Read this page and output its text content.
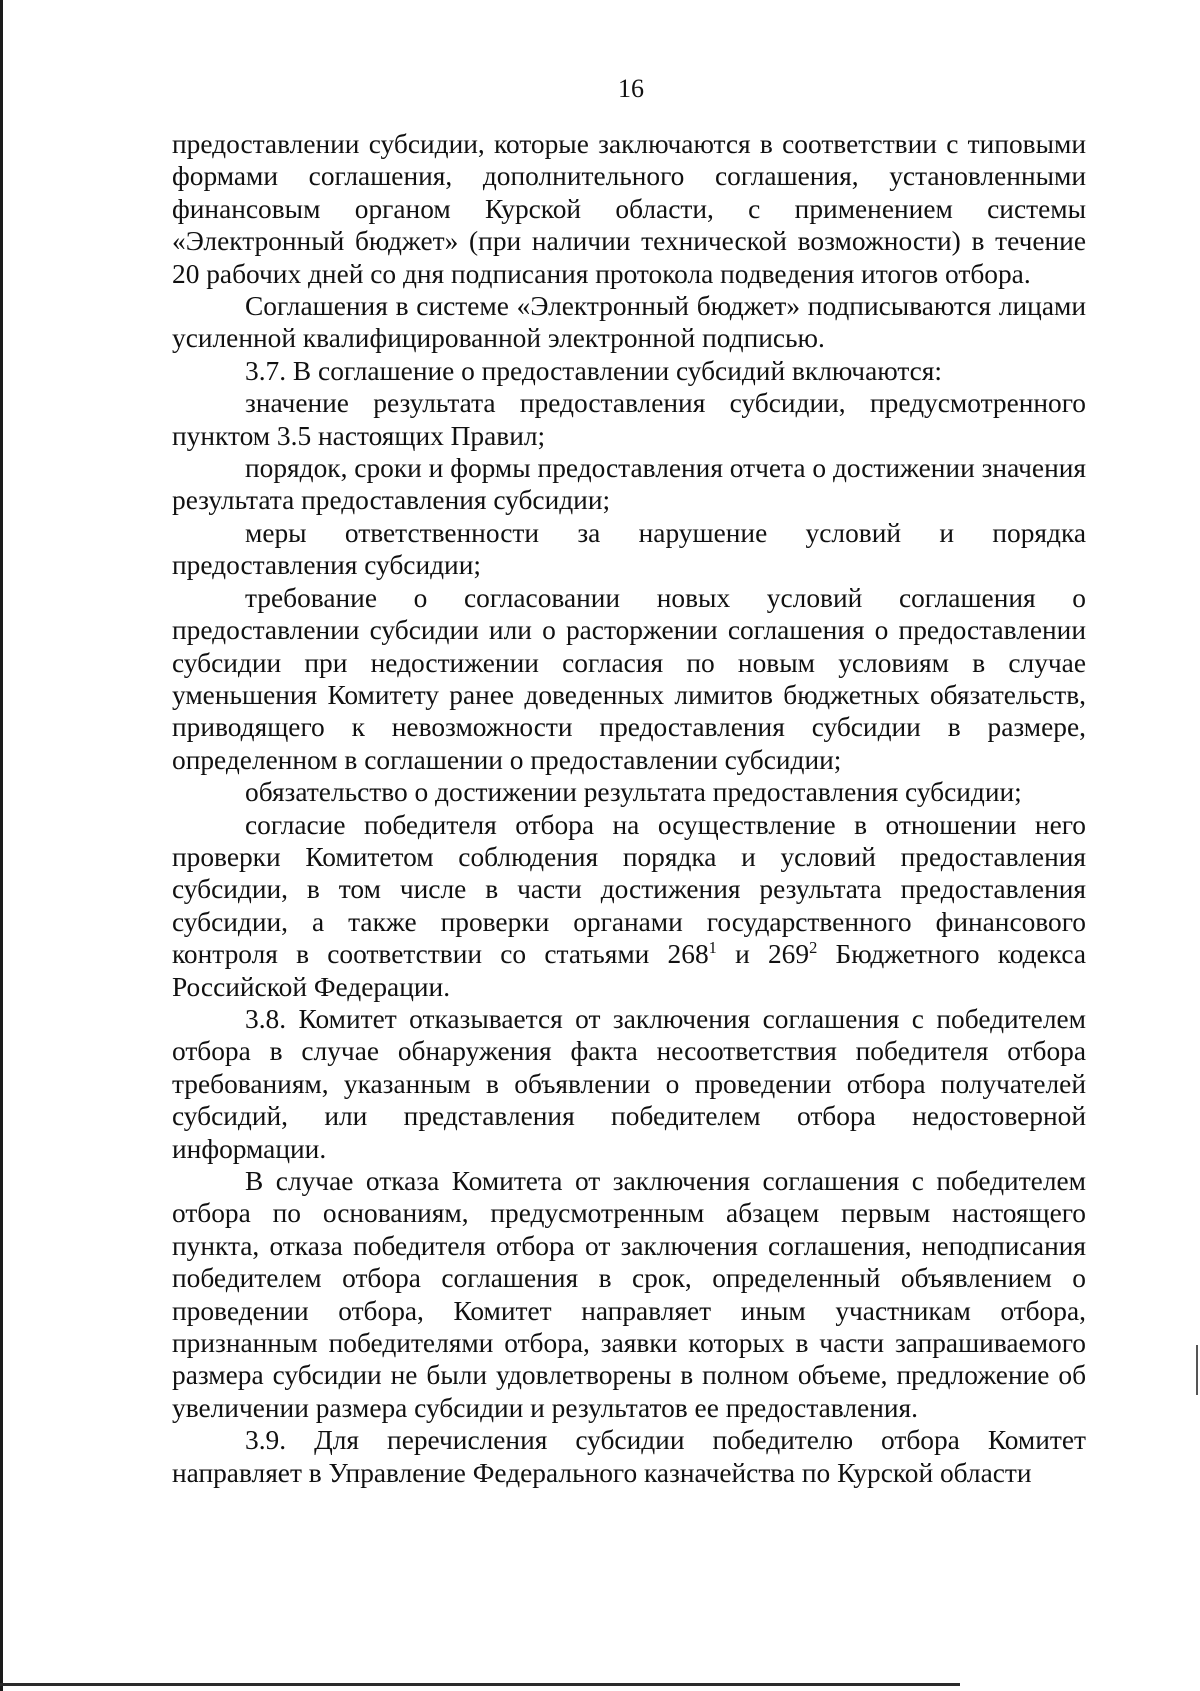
16

предоставлении субсидии, которые заключаются в соответствии с типовыми формами соглашения, дополнительного соглашения, установленными финансовым органом Курской области, с применением системы «Электронный бюджет» (при наличии технической возможности) в течение 20 рабочих дней со дня подписания протокола подведения итогов отбора.

Соглашения в системе «Электронный бюджет» подписываются лицами усиленной квалифицированной электронной подписью.

3.7. В соглашение о предоставлении субсидий включаются:

значение результата предоставления субсидии, предусмотренного пунктом 3.5 настоящих Правил;

порядок, сроки и формы предоставления отчета о достижении значения результата предоставления субсидии;

меры ответственности за нарушение условий и порядка предоставления субсидии;

требование о согласовании новых условий соглашения о предоставлении субсидии или о расторжении соглашения о предоставлении субсидии при недостижении согласия по новым условиям в случае уменьшения Комитету ранее доведенных лимитов бюджетных обязательств, приводящего к невозможности предоставления субсидии в размере, определенном в соглашении о предоставлении субсидии;

обязательство о достижении результата предоставления субсидии;

согласие победителя отбора на осуществление в отношении него проверки Комитетом соблюдения порядка и условий предоставления субсидии, в том числе в части достижения результата предоставления субсидии, а также проверки органами государственного финансового контроля в соответствии со статьями $268^1$ и $269^2$ Бюджетного кодекса Российской Федерации.

3.8. Комитет отказывается от заключения соглашения с победителем отбора в случае обнаружения факта несоответствия победителя отбора требованиям, указанным в объявлении о проведении отбора получателей субсидий, или представления победителем отбора недостоверной информации.

В случае отказа Комитета от заключения соглашения с победителем отбора по основаниям, предусмотренным абзацем первым настоящего пункта, отказа победителя отбора от заключения соглашения, неподписания победителем отбора соглашения в срок, определенный объявлением о проведении отбора, Комитет направляет иным участникам отбора, признанным победителями отбора, заявки которых в части запрашиваемого размера субсидии не были удовлетворены в полном объеме, предложение об увеличении размера субсидии и результатов ее предоставления.

3.9. Для перечисления субсидии победителю отбора Комитет направляет в Управление Федерального казначейства по Курской области
